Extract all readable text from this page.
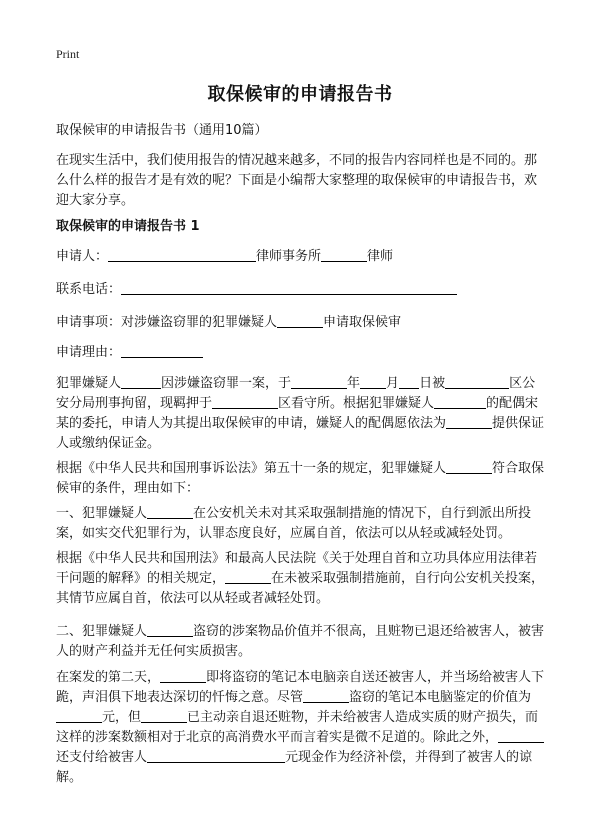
Print
取保候审的申请报告书

取保候审的申请报告书（通用10篇）

在现实生活中，我们使用报告的情况越来越多，不同的报告内容同样也是不同的。那么什么样的报告才是有效的呢？下面是小编帮大家整理的取保候审的申请报告书，欢迎大家分享。

取保候审的申请报告书 1

申请人：	律师事务所	律师

联系电话：

申请事项：对涉嫌盗窃罪的犯罪嫌疑人	申请取保候审

申请理由：

犯罪嫌疑人	因涉嫌盗窃罪一案，于	年 月 日被	区公安分局刑事拘留，现羁押于	区看守所。根据犯罪嫌疑人	的配偶宋某的委托，申请人为其提出取保候审的申请，嫌疑人的配偶愿依法为	提供保证人或缴纳保证金。

根据《中华人民共和国刑事诉讼法》第五十一条的规定，犯罪嫌疑人	符合取保候审的条件，理由如下：

一、犯罪嫌疑人	在公安机关未对其采取强制措施的情况下，自行到派出所投案，如实交代犯罪行为，认罪态度良好，应属自首，依法可以从轻或减轻处罚。

根据《中华人民共和国刑法》和最高人民法院《关于处理自首和立功具体应用法律若干问题的解释》的相关规定，	在未被采取强制措施前，自行向公安机关投案，其情节应属自首，依法可以从轻或者减轻处罚。

二、犯罪嫌疑人	盗窃的涉案物品价值并不很高，且赃物已退还给被害人，被害人的财产利益并无任何实质损害。

在案发的第二天，	即将盗窃的笔记本电脑亲自送还被害人，并当场给被害人下跪，声泪俱下地表达深切的忏悔之意。尽管	盗窃的笔记本电脑鉴定的价值为元，但	已主动亲自退还赃物，并未给被害人造成实质的财产损失，而这样的涉案数额相对于北京的高消费水平而言着实是微不足道的。除此之外，还支付给被害人	元现金作为经济补偿，并得到了被害人的谅解。
